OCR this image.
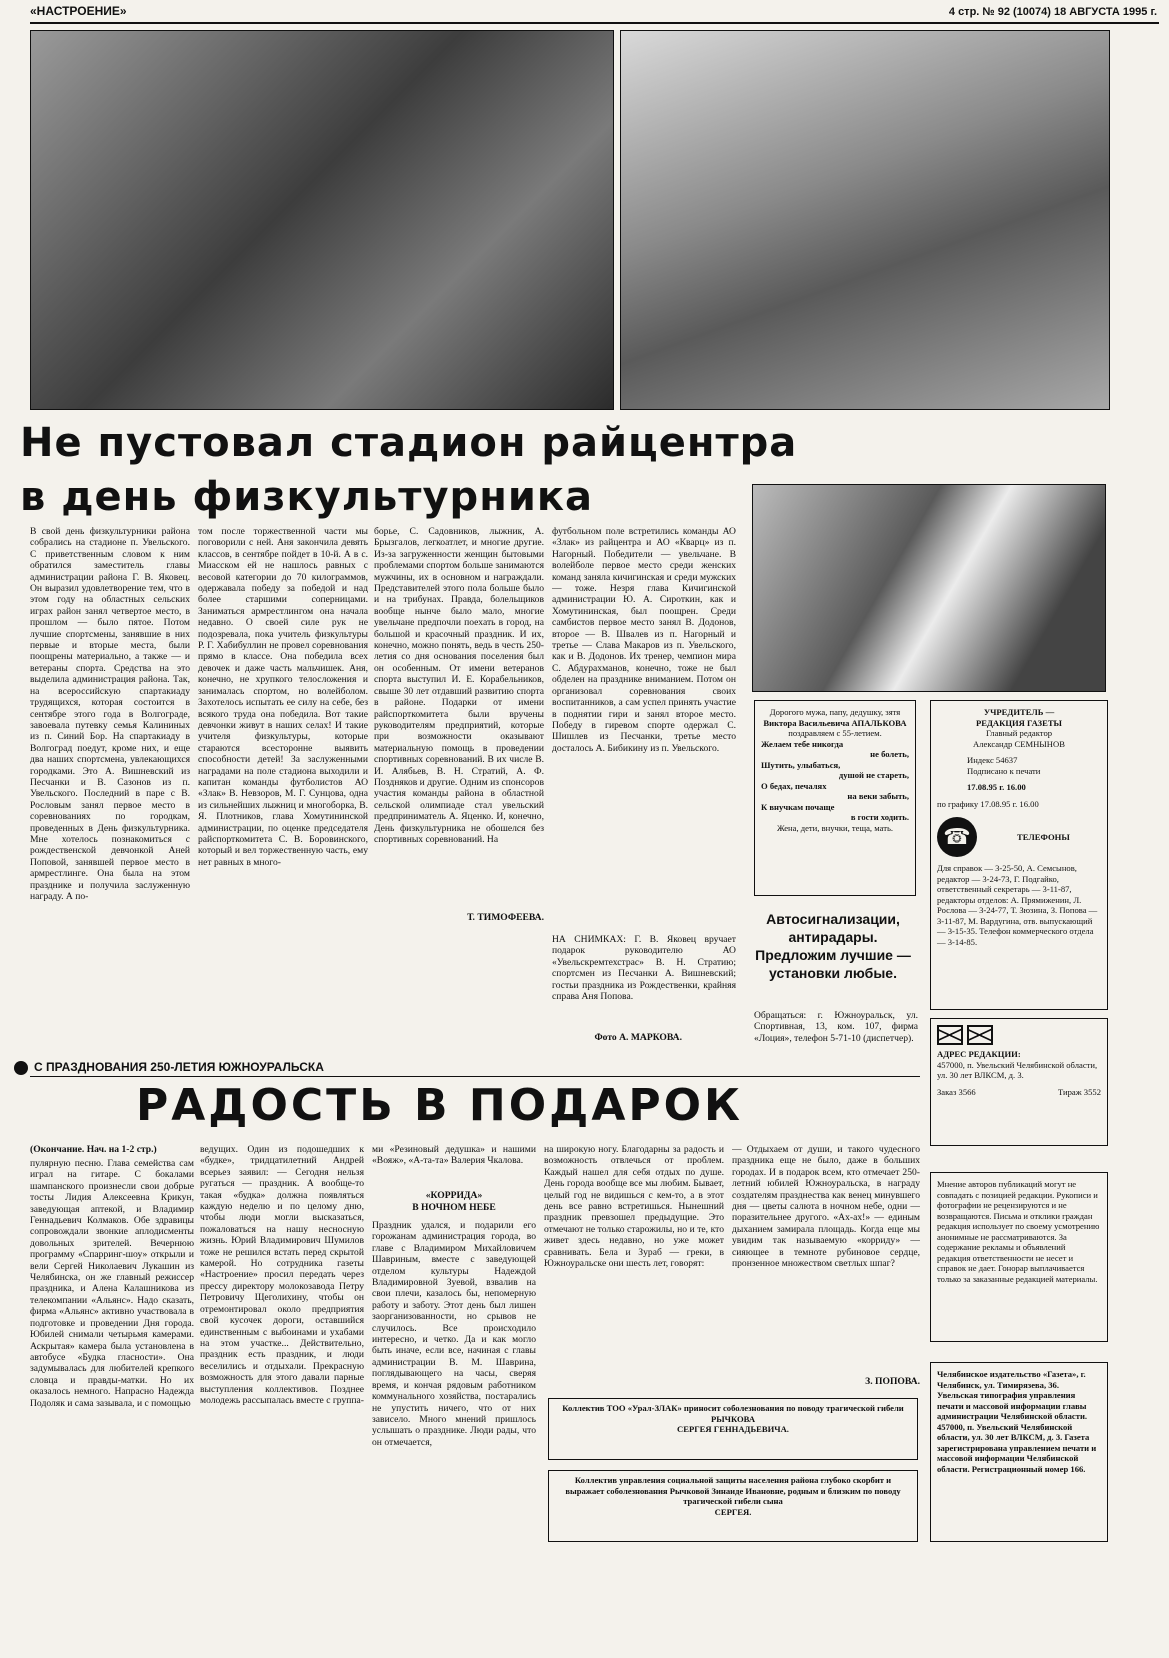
«НАСТРОЕНИЕ»	4 стр. № 92 (10074) 18 АВГУСТА 1995 г.
Не пустовал стадион райцентра
в день физкультурника
В свой день физкультурники района собрались на стадионе п. Увельского. С приветственным словом к ним обратился заместитель главы администрации района Г. В. Яковец. Он выразил удовлетворение тем, что в этом году на областных сельских играх район занял четвертое место, в прошлом — было пятое. Потом лучшие спортсмены, занявшие в них первые и вторые места, были поощрены материально, а также — и ветераны спорта. Средства на это выделила администрация района. Так, на всероссийскую спартакиаду трудящихся, которая состоится в сентябре этого года в Волгограде, завоевала путевку семья Калининых из п. Синий Бор. На спартакиаду в Волгоград поедут, кроме них, и еще два наших спортсмена, увлекающихся городками. Это А. Вишневский из Песчанки и В. Сазонов из п. Увельского. Последний в паре с В. Рословым занял первое место в соревнованиях по городкам, проведенных в День физкультурника. Мне хотелось познакомиться с рождественской девчонкой Аней Поповой, занявшей первое место в армрестлинге. Она была на этом празднике и получила заслуженную награду. А по-
том после торжественной части мы поговорили с ней. Аня закончила девять классов, в сентябре пойдет в 10-й. А в с. Миасском ей не нашлось равных с весовой категории до 70 килограммов, одержавала победу за победой и над более старшими соперницами. Заниматься армрестлингом она начала недавно. О своей силе рук не подозревала, пока учитель физкультуры Р. Г. Хабибуллин не провел соревнования прямо в классе. Она победила всех девочек и даже часть мальчишек. Аня, конечно, не хрупкого телосложения и занималась спортом, но волейболом. Захотелось испытать ее силу на себе, без всякого труда она победила. Вот такие девчонки живут в наших селах! И такие учителя физкультуры, которые стараются всесторонне выявить способности детей! За заслуженными наградами на поле стадиона выходили и капитан команды футболистов АО «Злак» В. Невзоров, М. Г. Сунцова, одна из сильнейших лыжниц и многоборка, В. Я. Плотников, глава Хомутининской администрации, по оценке председателя райспорткомитета С. В. Боровинского, который и вел торжественную часть, ему нет равных в много-
борье, С. Садовников, лыжник, А. Брызгалов, легкоатлет, и многие другие. Из-за загруженности женщин бытовыми проблемами спортом больше занимаются мужчины, их в основном и награждали. Представителей этого пола больше было и на трибунах. Правда, болельщиков вообще нынче было мало, многие увельчане предпочли поехать в город, на большой и красочный праздник. И их, конечно, можно понять, ведь в честь 250-летия со дня основания поселения был он особенным. От имени ветеранов спорта выступил И. Е. Корабельников, свыше 30 лет отдавший развитию спорта в районе. Подарки от имени райспорткомитета были вручены руководителям предприятий, которые при возможности оказывают материальную помощь в проведении спортивных соревнований. В их числе В. И. Алябьев, В. Н. Стратий, А. Ф. Поздняков и другие. Одним из спонсоров участия команды района в областной сельской олимпиаде стал увельский предприниматель А. Яценко. И, конечно, День физкультурника не обошелся без спортивных соревнований. На
Т. ТИМОФЕЕВА.
футбольном поле встретились команды АО «Злак» из райцентра и АО «Кварц» из п. Нагорный. Победители — увельчане. В волейболе первое место среди женских команд заняла кичигинская и среди мужских — тоже. Незря глава Кичигинской администрации Ю. А. Сироткин, как и Хомутининская, был поощрен. Среди самбистов первое место занял В. Додонов, второе — В. Швалев из п. Нагорный и третье — Слава Макаров из п. Увельского, как и В. Додонов. Их тренер, чемпион мира С. Абдурахманов, конечно, тоже не был обделен на празднике вниманием. Потом он организовал соревнования своих воспитанников, а сам успел принять участие в поднятии гири и занял второе место. Победу в гиревом спорте одержал С. Шишлев из Песчанки, третье место досталось А. Бибикину из п. Увельского.
НА СНИМКАХ: Г. В. Яковец вручает подарок руководителю АО «Увельскремтехстрас» В. Н. Стратию; спортсмен из Песчанки А. Вишневский; гостьи праздника из Рождественки, крайняя справа Аня Попова.
Фото А. МАРКОВА.
Дорогого мужа, папу, дедушку, зятя
Виктора Васильевича АПАЛЬКОВА
поздравляем с 55-летием.
Желаем тебе никогда
не болеть,
Шутить, улыбаться,
душой не стареть,
О бедах, печалях
на веки забыть,
К внучкам почаще
в гости ходить.
Жена, дети, внучки, теща, мать.
Автосигнализации, антирадары. Предложим лучшие — установки любые.
Обращаться: г. Южноуральск, ул. Спортивная, 13, ком. 107, фирма «Лоция», телефон 5-71-10 (диспетчер).
УЧРЕДИТЕЛЬ —
РЕДАКЦИЯ ГАЗЕТЫ
Главный редактор
Александр СЕМНЫНОВ
Индекс 54637
Подписано к печати
17.08.95 г. 16.00
по графику 17.08.95 г. 16.00
☎	ТЕЛЕФОНЫ
Для справок — 3-25-50, А. Семсынов, редактор — 3-24-73, Г. Подгайко, ответственный секретарь — 3-11-87, редакторы отделов: А. Прямиженин, Л. Рослова — 3-24-77, Т. Зюзина, З. Попова — 3-11-87, М. Вардугина, отв. выпускающий — 3-15-35. Телефон коммерческого отдела — 3-14-85.
АДРЕС РЕДАКЦИИ:
457000, п. Увельский Челябинской области, ул. 30 лет ВЛКСМ, д. 3.
Заказ 3566	Тираж 3552
С ПРАЗДНОВАНИЯ 250-ЛЕТИЯ ЮЖНОУРАЛЬСКА
РАДОСТЬ В ПОДАРОК
(Окончание. Нач. на 1-2 стр.)
пулярную песню. Глава семейства сам играл на гитаре. С бокалами шампанского произнесли свои добрые тосты Лидия Алексеевна Крикун, заведующая аптекой, и Владимир Геннадьевич Колмаков. Обе здравицы сопровождали звонкие аплодисменты довольных зрителей. Вечернюю программу «Спарринг-шоу» открыли и вели Сергей Николаевич Лукашин из Челябинска, он же главный режиссер праздника, и Алена Калашникова из телекомпании «Альянс». Надо сказать, фирма «Альянс» активно участвовала в подготовке и проведении Дня города. Юбилей снимали четырьмя камерами. Аскрытая» камера была установлена в автобусе «Будка гласности». Она задумывалась для любителей крепкого словца и правды-матки. Но их оказалось немного. Напрасно Надежда Подоляк и сама зазывала, и с помощью
ведущих. Один из подошедших к «будке», тридцатилетний Андрей всерьез заявил: — Сегодня нельзя ругаться — праздник. А вообще-то такая «будка» должна появляться каждую неделю и по целому дню, чтобы люди могли высказаться, пожаловаться на нашу несносную жизнь. Юрий Владимирович Шумилов тоже не решился встать перед скрытой камерой. Но сотрудника газеты «Настроение» просил передать через прессу директору молокозавода Петру Петровичу Щеголихину, чтобы он отремонтировал около предприятия свой кусочек дороги, оставшийся единственным с выбоинами и ухабами на этом участке... Действительно, праздник есть праздник, и люди веселились и отдыхали. Прекрасную возможность для этого давали парные выступления коллективов. Позднее молодежь рассыпалась вместе с группа-
ми «Резиновый дедушка» и нашими «Вояж», «А-та-та» Валерия Чкалова.
«КОРРИДА»
В НОЧНОМ НЕБЕ
Праздник удался, и подарили его горожанам администрация города, во главе с Владимиром Михайловичем Шавриным, вместе с заведующей отделом культуры Надеждой Владимировной Зуевой, взвалив на свои плечи, казалось бы, непомерную работу и заботу. Этот день был лишен заорганизованности, но срывов не случилось. Все происходило интересно, и четко. Да и как могло быть иначе, если все, начиная с главы администрации В. М. Шаврина, поглядывающего на часы, сверяя время, и кончая рядовым работником коммунального хозяйства, постарались не упустить ничего, что от них зависело. Много мнений пришлось услышать о празднике. Люди рады, что он отмечается,
на широкую ногу. Благодарны за радость и возможность отвлечься от проблем. Каждый нашел для себя отдых по душе. День города вообще все мы любим. Бывает, целый год не видишься с кем-то, а в этот день все равно встретишься. Нынешний праздник превзошел предыдущие. Это отмечают не только старожилы, но и те, кто живет здесь недавно, но уже может сравнивать. Бела и Зураб — греки, в Южноуральске они шесть лет, говорят:
— Отдыхаем от души, и такого чудесного праздника еще не было, даже в больших городах. И в подарок всем, кто отмечает 250-летний юбилей Южноуральска, в награду создателям празднества как венец минувшего дня — цветы салюта в ночном небе, одни — поразительнее другого. «Ах-ах!» — единым дыханием замирала площадь. Когда еще мы увидим так называемую «корриду» — сияющее в темноте рубиновое сердце, пронзенное множеством светлых шпаг?
З. ПОПОВА.
Коллектив ТОО «Урал-ЗЛАК» приносит соболезнования по поводу трагической гибели
РЫЧКОВА
СЕРГЕЯ ГЕННАДЬЕВИЧА.
Коллектив управления социальной защиты населения района глубоко скорбит и выражает соболезнования Рычковой Зинаиде Ивановне, родным и близким по поводу трагической гибели сына
СЕРГЕЯ.
Мнение авторов публикаций могут не совпадать с позицией редакции. Рукописи и фотографии не рецензируются и не возвращаются. Письма и отклики граждан редакция использует по своему усмотрению анонимные не рассматриваются. За содержание рекламы и объявлений редакция ответственности не несет и справок не дает. Гонорар выплачивается только за заказанные редакцией материалы.
Челябинское издательство «Газета», г. Челябинск, ул. Тимирязева, 36. Увельская типография управления печати и массовой информации главы администрации Челябинской области. 457000, п. Увельский Челябинской области, ул. 30 лет ВЛКСМ, д. 3. Газета зарегистрирована управлением печати и массовой информации Челябинской области. Регистрационный номер 166.
